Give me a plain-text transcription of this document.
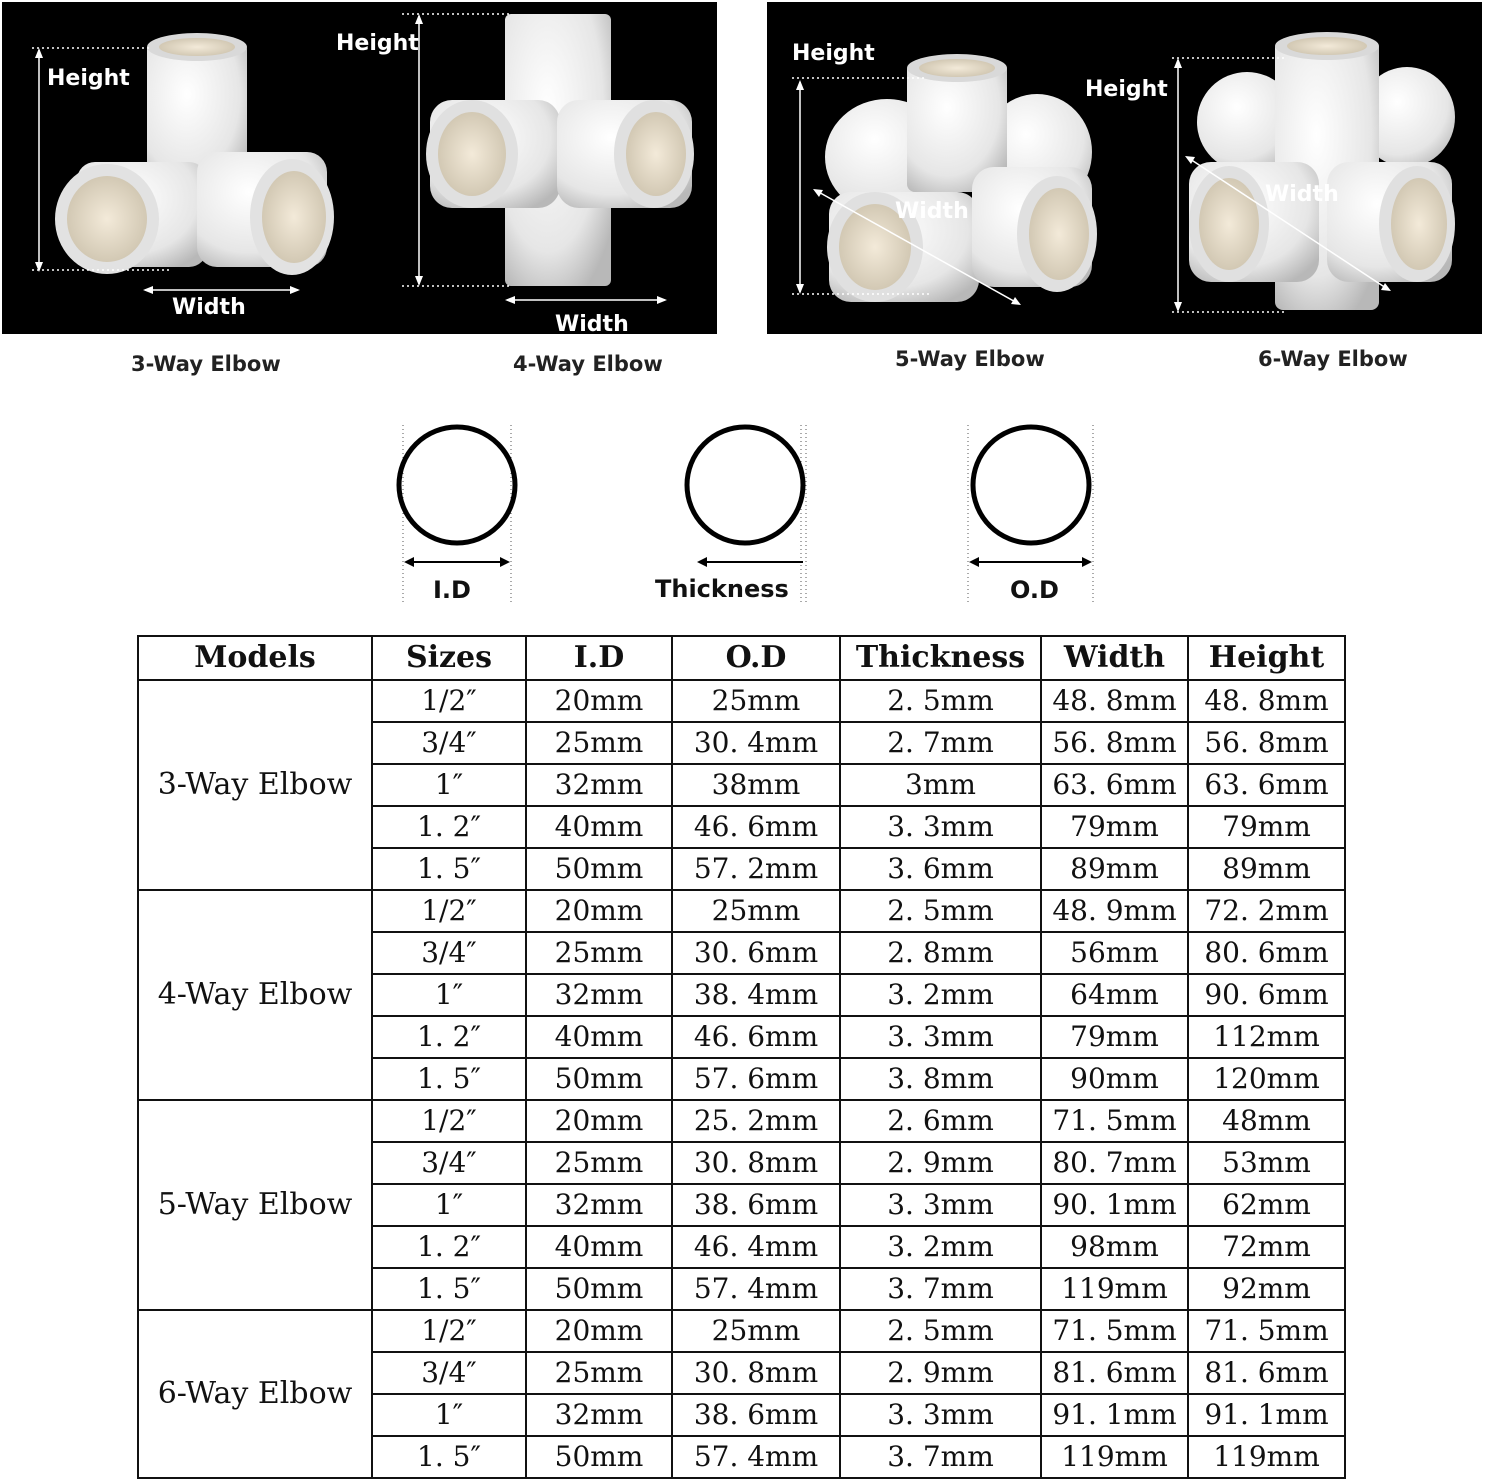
Height
Width
Height
Width
Height
Width
Height
Width
3-Way Elbow	4-Way Elbow	5-Way Elbow	6-Way Elbow
I.D	Thickness	O.D
Models	Sizes	I.D	O.D	Thickness	Width	Height
3-Way Elbow	1/2″	20mm	25mm	2. 5mm	48. 8mm	48. 8mm
	3/4″	25mm	30. 4mm	2. 7mm	56. 8mm	56. 8mm
	1″	32mm	38mm	3mm	63. 6mm	63. 6mm
	1. 2″	40mm	46. 6mm	3. 3mm	79mm	79mm
	1. 5″	50mm	57. 2mm	3. 6mm	89mm	89mm
4-Way Elbow	1/2″	20mm	25mm	2. 5mm	48. 9mm	72. 2mm
	3/4″	25mm	30. 6mm	2. 8mm	56mm	80. 6mm
	1″	32mm	38. 4mm	3. 2mm	64mm	90. 6mm
	1. 2″	40mm	46. 6mm	3. 3mm	79mm	112mm
	1. 5″	50mm	57. 6mm	3. 8mm	90mm	120mm
5-Way Elbow	1/2″	20mm	25. 2mm	2. 6mm	71. 5mm	48mm
	3/4″	25mm	30. 8mm	2. 9mm	80. 7mm	53mm
	1″	32mm	38. 6mm	3. 3mm	90. 1mm	62mm
	1. 2″	40mm	46. 4mm	3. 2mm	98mm	72mm
	1. 5″	50mm	57. 4mm	3. 7mm	119mm	92mm
6-Way Elbow	1/2″	20mm	25mm	2. 5mm	71. 5mm	71. 5mm
	3/4″	25mm	30. 8mm	2. 9mm	81. 6mm	81. 6mm
	1″	32mm	38. 6mm	3. 3mm	91. 1mm	91. 1mm
	1. 5″	50mm	57. 4mm	3. 7mm	119mm	119mm
